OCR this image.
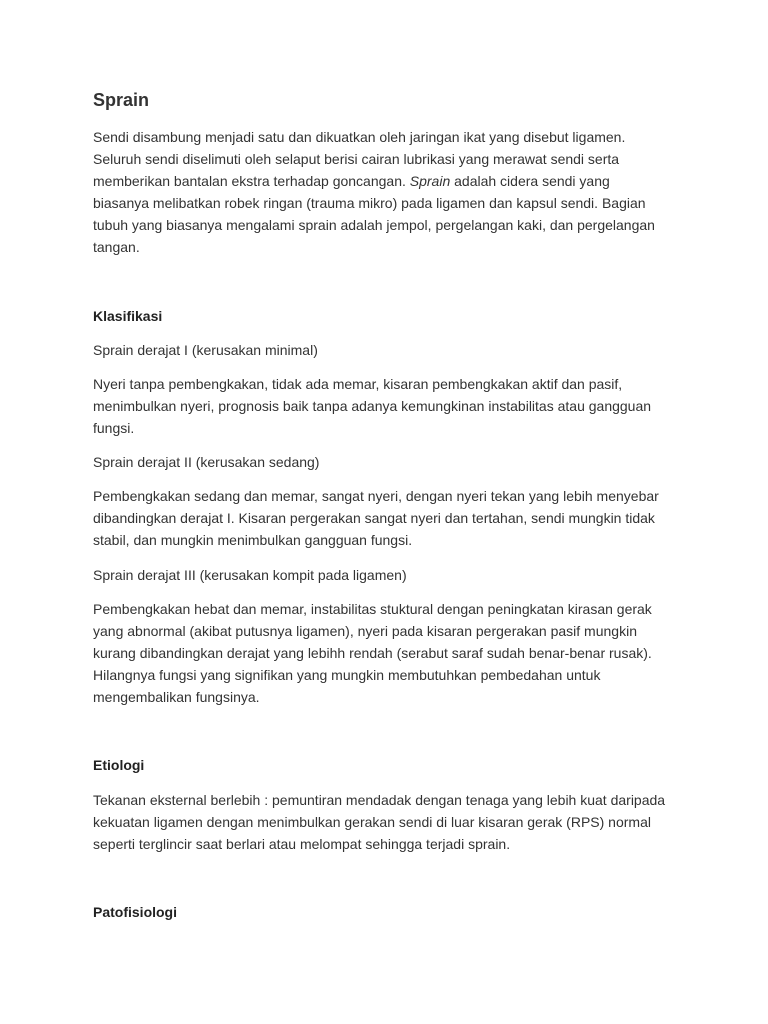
Sprain
Sendi disambung menjadi satu dan dikuatkan oleh jaringan ikat yang disebut ligamen.
Seluruh sendi diselimuti oleh selaput berisi cairan lubrikasi yang merawat sendi serta
memberikan bantalan ekstra terhadap goncangan. Sprain adalah cidera sendi yang
biasanya melibatkan robek ringan (trauma mikro) pada ligamen dan kapsul sendi. Bagian
tubuh yang biasanya mengalami sprain adalah jempol, pergelangan kaki, dan pergelangan
tangan.
Klasifikasi
Sprain derajat I (kerusakan minimal)
Nyeri tanpa pembengkakan, tidak ada memar, kisaran pembengkakan aktif dan pasif,
menimbulkan nyeri, prognosis baik tanpa adanya kemungkinan instabilitas atau gangguan
fungsi.
Sprain derajat II (kerusakan sedang)
Pembengkakan sedang dan memar, sangat nyeri, dengan nyeri tekan yang lebih menyebar
dibandingkan derajat I. Kisaran pergerakan sangat nyeri dan tertahan, sendi mungkin tidak
stabil, dan mungkin menimbulkan gangguan fungsi.
Sprain derajat III (kerusakan kompit pada ligamen)
Pembengkakan hebat dan memar, instabilitas stuktural dengan peningkatan kirasan gerak
yang abnormal (akibat putusnya ligamen), nyeri pada kisaran pergerakan pasif mungkin
kurang dibandingkan derajat yang lebihh rendah (serabut saraf sudah benar-benar rusak).
Hilangnya fungsi yang signifikan yang mungkin membutuhkan pembedahan untuk
mengembalikan fungsinya.
Etiologi
Tekanan eksternal berlebih : pemuntiran mendadak dengan tenaga yang lebih kuat daripada
kekuatan ligamen dengan menimbulkan gerakan sendi di luar kisaran gerak (RPS) normal
seperti terglincir saat berlari atau melompat sehingga terjadi sprain.
Patofisiologi
